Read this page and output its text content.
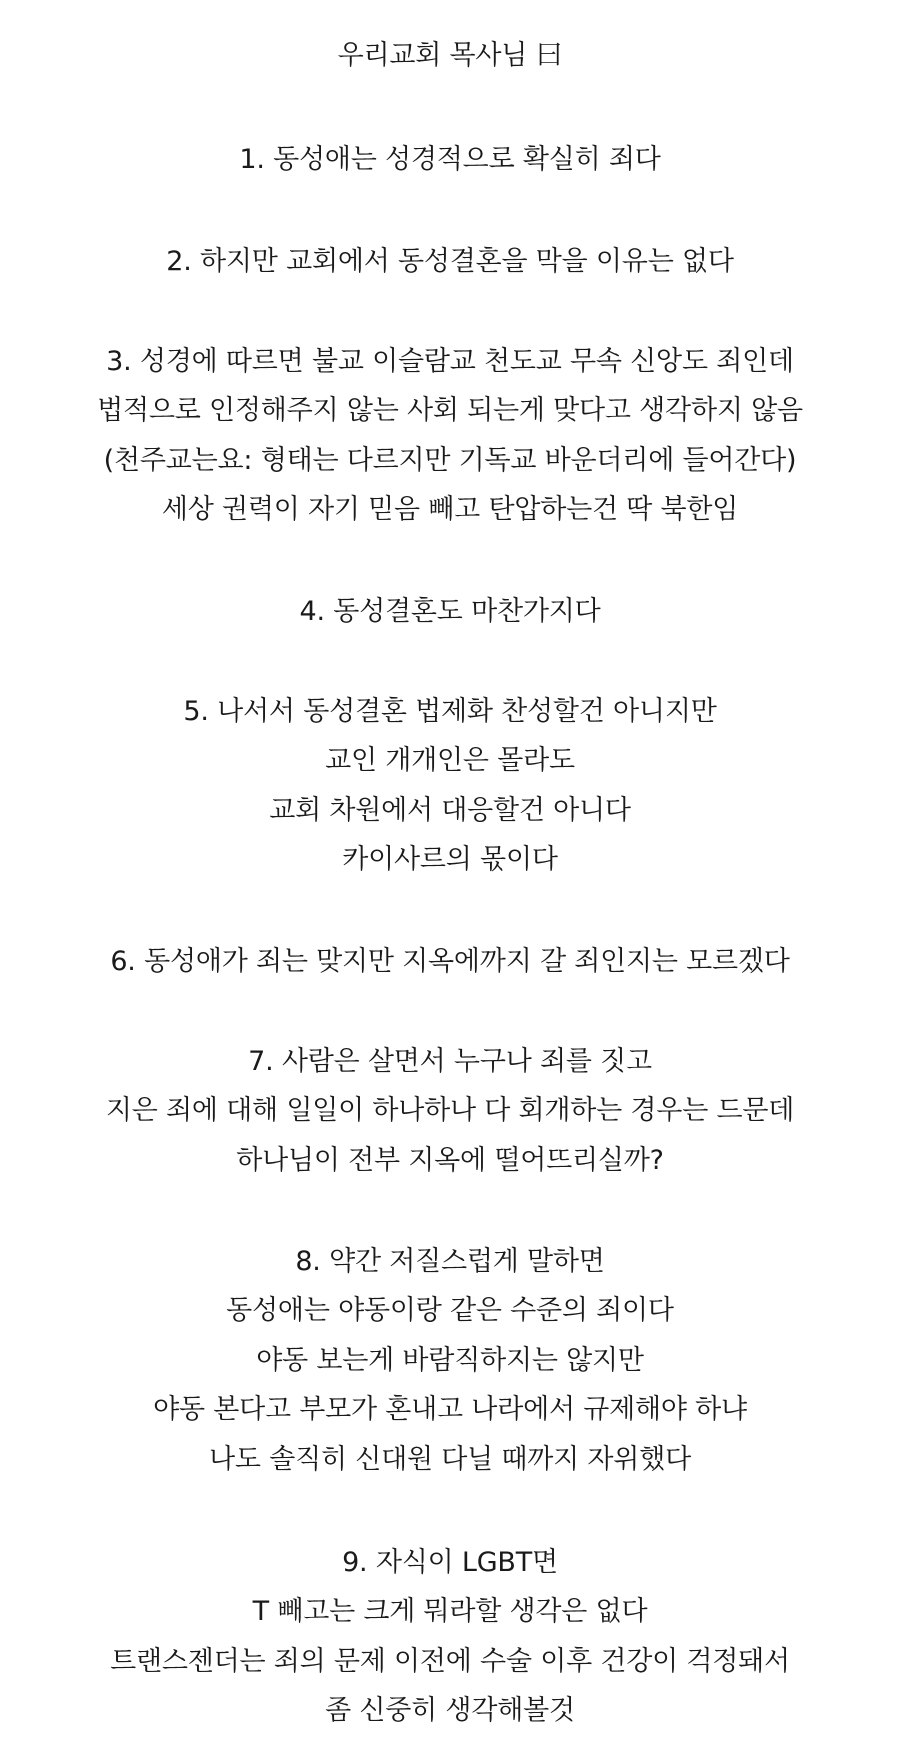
우리교회 목사님 曰
1. 동성애는 성경적으로 확실히 죄다
2. 하지만 교회에서 동성결혼을 막을 이유는 없다
3. 성경에 따르면 불교 이슬람교 천도교 무속 신앙도 죄인데
법적으로 인정해주지 않는 사회 되는게 맞다고 생각하지 않음
(천주교는요: 형태는 다르지만 기독교 바운더리에 들어간다)
세상 권력이 자기 믿음 빼고 탄압하는건 딱 북한임
4. 동성결혼도 마찬가지다
5. 나서서 동성결혼 법제화 찬성할건 아니지만
교인 개개인은 몰라도
교회 차원에서 대응할건 아니다
카이사르의 몫이다
6. 동성애가 죄는 맞지만 지옥에까지 갈 죄인지는 모르겠다
7. 사람은 살면서 누구나 죄를 짓고
지은 죄에 대해 일일이 하나하나 다 회개하는 경우는 드문데
하나님이 전부 지옥에 떨어뜨리실까?
8. 약간 저질스럽게 말하면
동성애는 야동이랑 같은 수준의 죄이다
야동 보는게 바람직하지는 않지만
야동 본다고 부모가 혼내고 나라에서 규제해야 하냐
나도 솔직히 신대원 다닐 때까지 자위했다
9. 자식이 LGBT면
T 빼고는 크게 뭐라할 생각은 없다
트랜스젠더는 죄의 문제 이전에 수술 이후 건강이 걱정돼서
좀 신중히 생각해볼것
